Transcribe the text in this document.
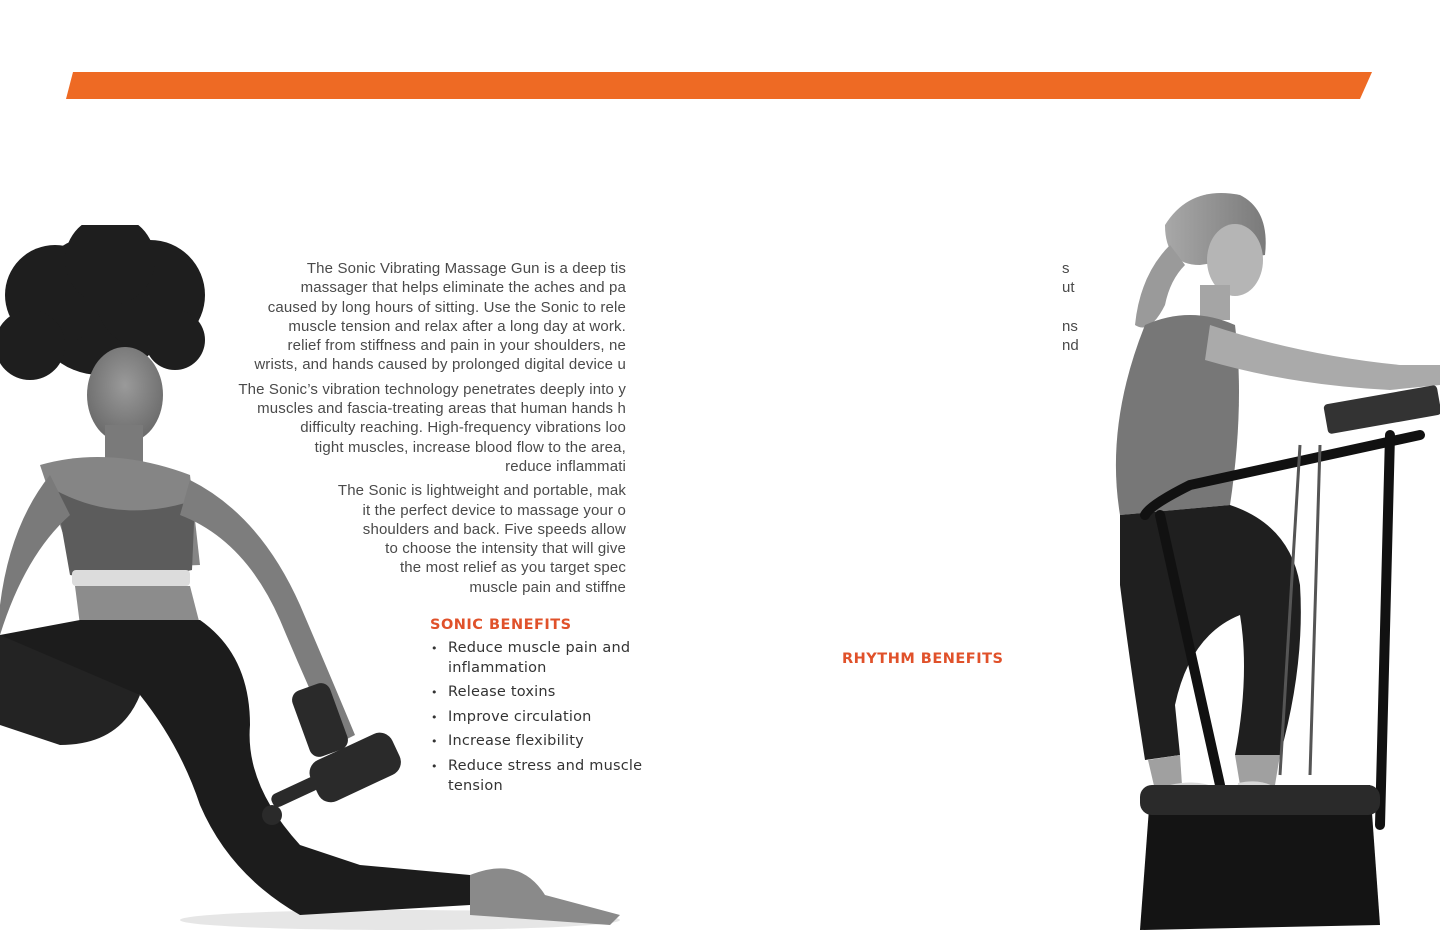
The Sonic Vibrating Massage Gun is a deep tis
massager that helps eliminate the aches and pa
caused by long hours of sitting. Use the Sonic to rele
muscle tension and relax after a long day at work.
relief from stiffness and pain in your shoulders, ne
wrists, and hands caused by prolonged digital device u

The Sonic’s vibration technology penetrates deeply into y
muscles and fascia-treating areas that human hands h
difficulty reaching. High-frequency vibrations loo
tight muscles, increase blood flow to the area,
reduce inflammati

The Sonic is lightweight and portable, mak
it the perfect device to massage your o
shoulders and back. Five speeds allow
to choose the intensity that will give
the most relief as you target spec
muscle pain and stiffne

SONIC BENEFITS
• Reduce muscle pain and inflammation
• Release toxins
• Improve circulation
• Increase flexibility
• Reduce stress and muscle tension
s
ut

ns
nd
RHYTHM BENEFITS
